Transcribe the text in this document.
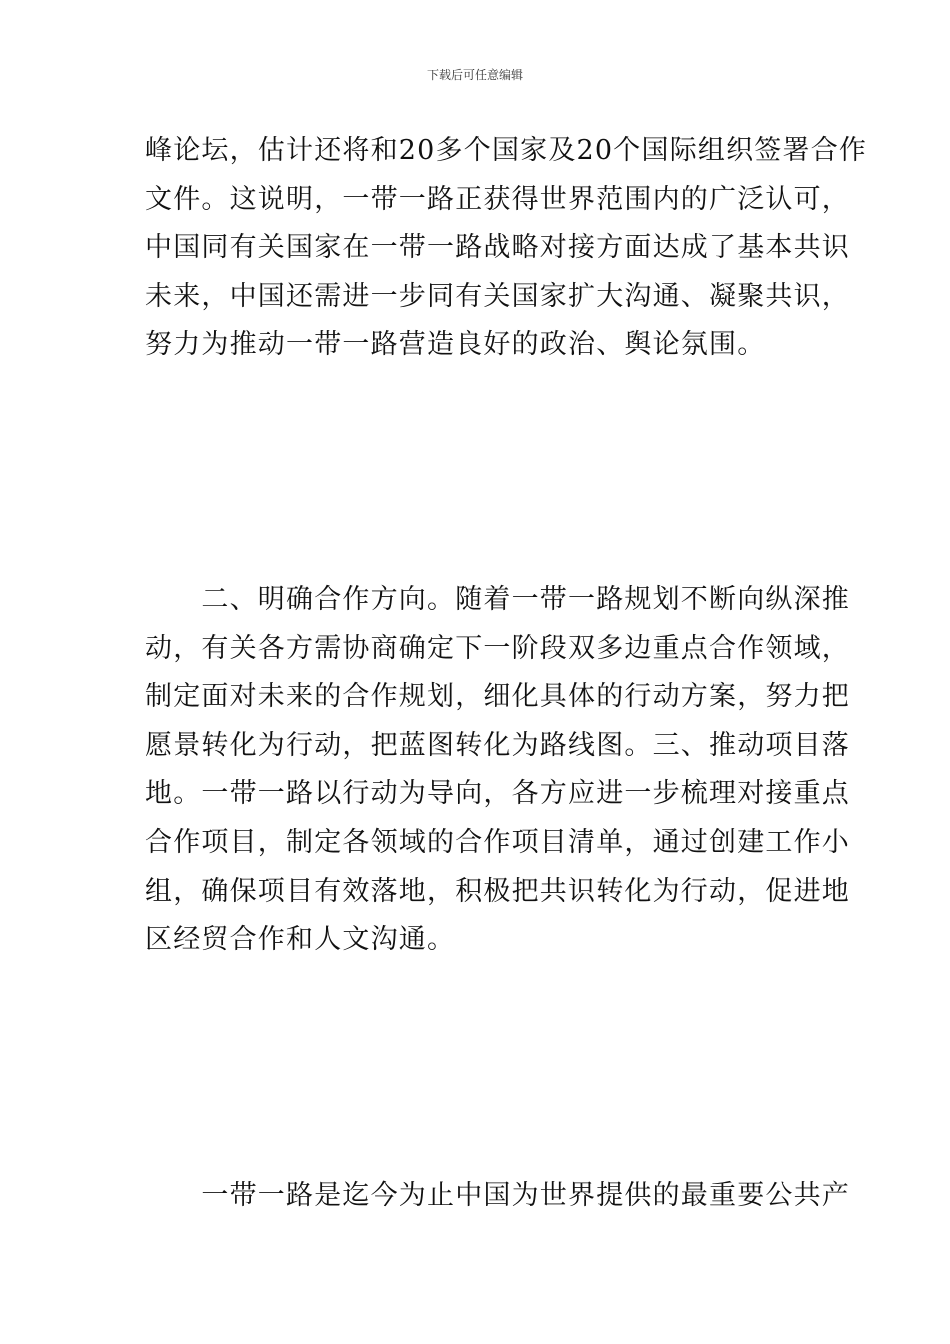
下载后可任意编辑
峰论坛，估计还将和20多个国家及20个国际组织签署合作
文件。这说明，一带一路正获得世界范围内的广泛认可，
中国同有关国家在一带一路战略对接方面达成了基本共识
未来，中国还需进一步同有关国家扩大沟通、凝聚共识，
努力为推动一带一路营造良好的政治、舆论氛围。
　　二、明确合作方向。随着一带一路规划不断向纵深推
动，有关各方需协商确定下一阶段双多边重点合作领域，
制定面对未来的合作规划，细化具体的行动方案，努力把
愿景转化为行动，把蓝图转化为路线图。三、推动项目落
地。一带一路以行动为导向，各方应进一步梳理对接重点
合作项目，制定各领域的合作项目清单，通过创建工作小
组，确保项目有效落地，积极把共识转化为行动，促进地
区经贸合作和人文沟通。
　　一带一路是迄今为止中国为世界提供的最重要公共产
